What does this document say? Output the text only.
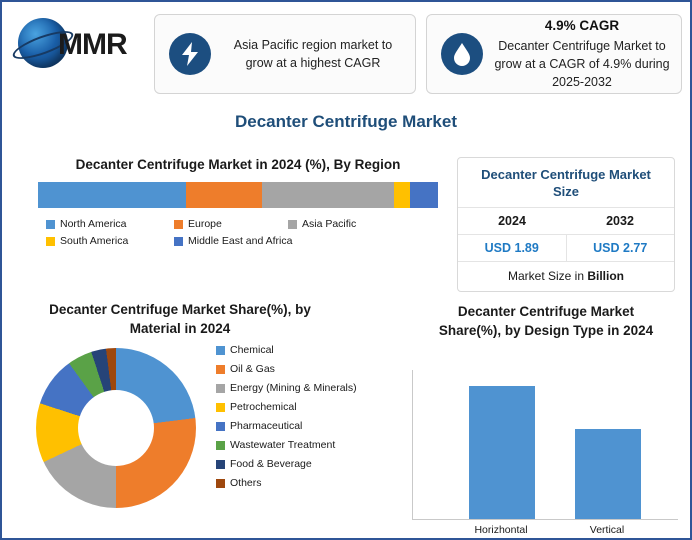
MMR	Asia Pacific region market to grow at a highest CAGR
4.9% CAGR
Decanter Centrifuge Market to grow at a CAGR of 4.9% during 2025-2032
Decanter Centrifuge Market
Decanter Centrifuge Market in 2024 (%), By Region
North America	Europe	Asia Pacific
South America	Middle East and Africa
Decanter Centrifuge Market Size
2024	2032
USD 1.89	USD 2.77
Market Size in Billion
Decanter Centrifuge Market Share(%), by Material in 2024
Chemical
Oil & Gas
Energy (Mining & Minerals)
Petrochemical
Pharmaceutical
Wastewater Treatment
Food & Beverage
Others
Decanter Centrifuge Market Share(%), by Design Type in 2024
Horizhontal	Vertical
